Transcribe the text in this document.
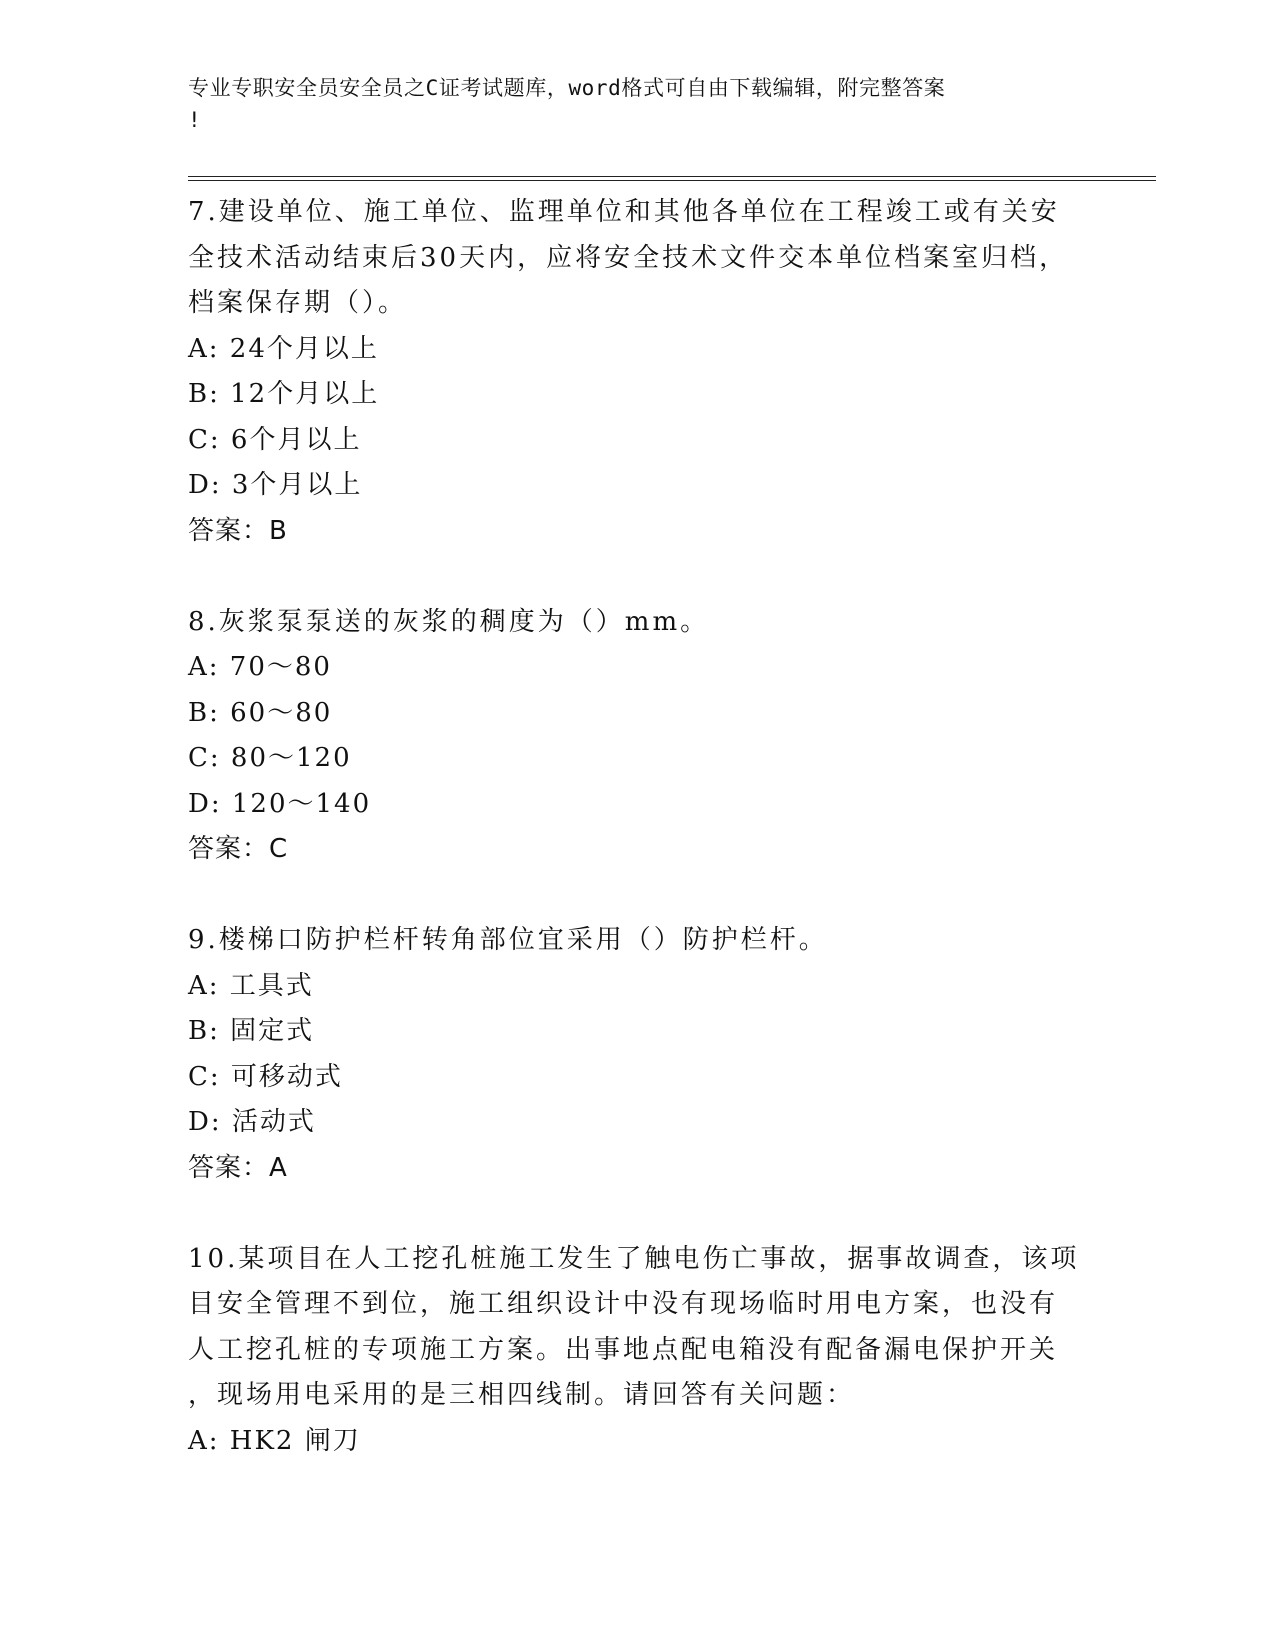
专业专职安全员安全员之C证考试题库，word格式可自由下载编辑，附完整答案
!

7.建设单位、施工单位、监理单位和其他各单位在工程竣工或有关安

全技术活动结束后30天内，应将安全技术文件交本单位档案室归档，

档案保存期（）。

A: 24个月以上

B: 12个月以上

C: 6个月以上

D: 3个月以上

答案：B

8.灰浆泵泵送的灰浆的稠度为（）mm。

A: 70～80

B: 60～80

C: 80～120

D: 120～140

答案：C

9.楼梯口防护栏杆转角部位宜采用（）防护栏杆。

A: 工具式

B: 固定式

C: 可移动式

D: 活动式

答案：A

10.某项目在人工挖孔桩施工发生了触电伤亡事故，据事故调查，该项

目安全管理不到位，施工组织设计中没有现场临时用电方案，也没有

人工挖孔桩的专项施工方案。出事地点配电箱没有配备漏电保护开关

，现场用电采用的是三相四线制。请回答有关问题：

A: HK2 闸刀
